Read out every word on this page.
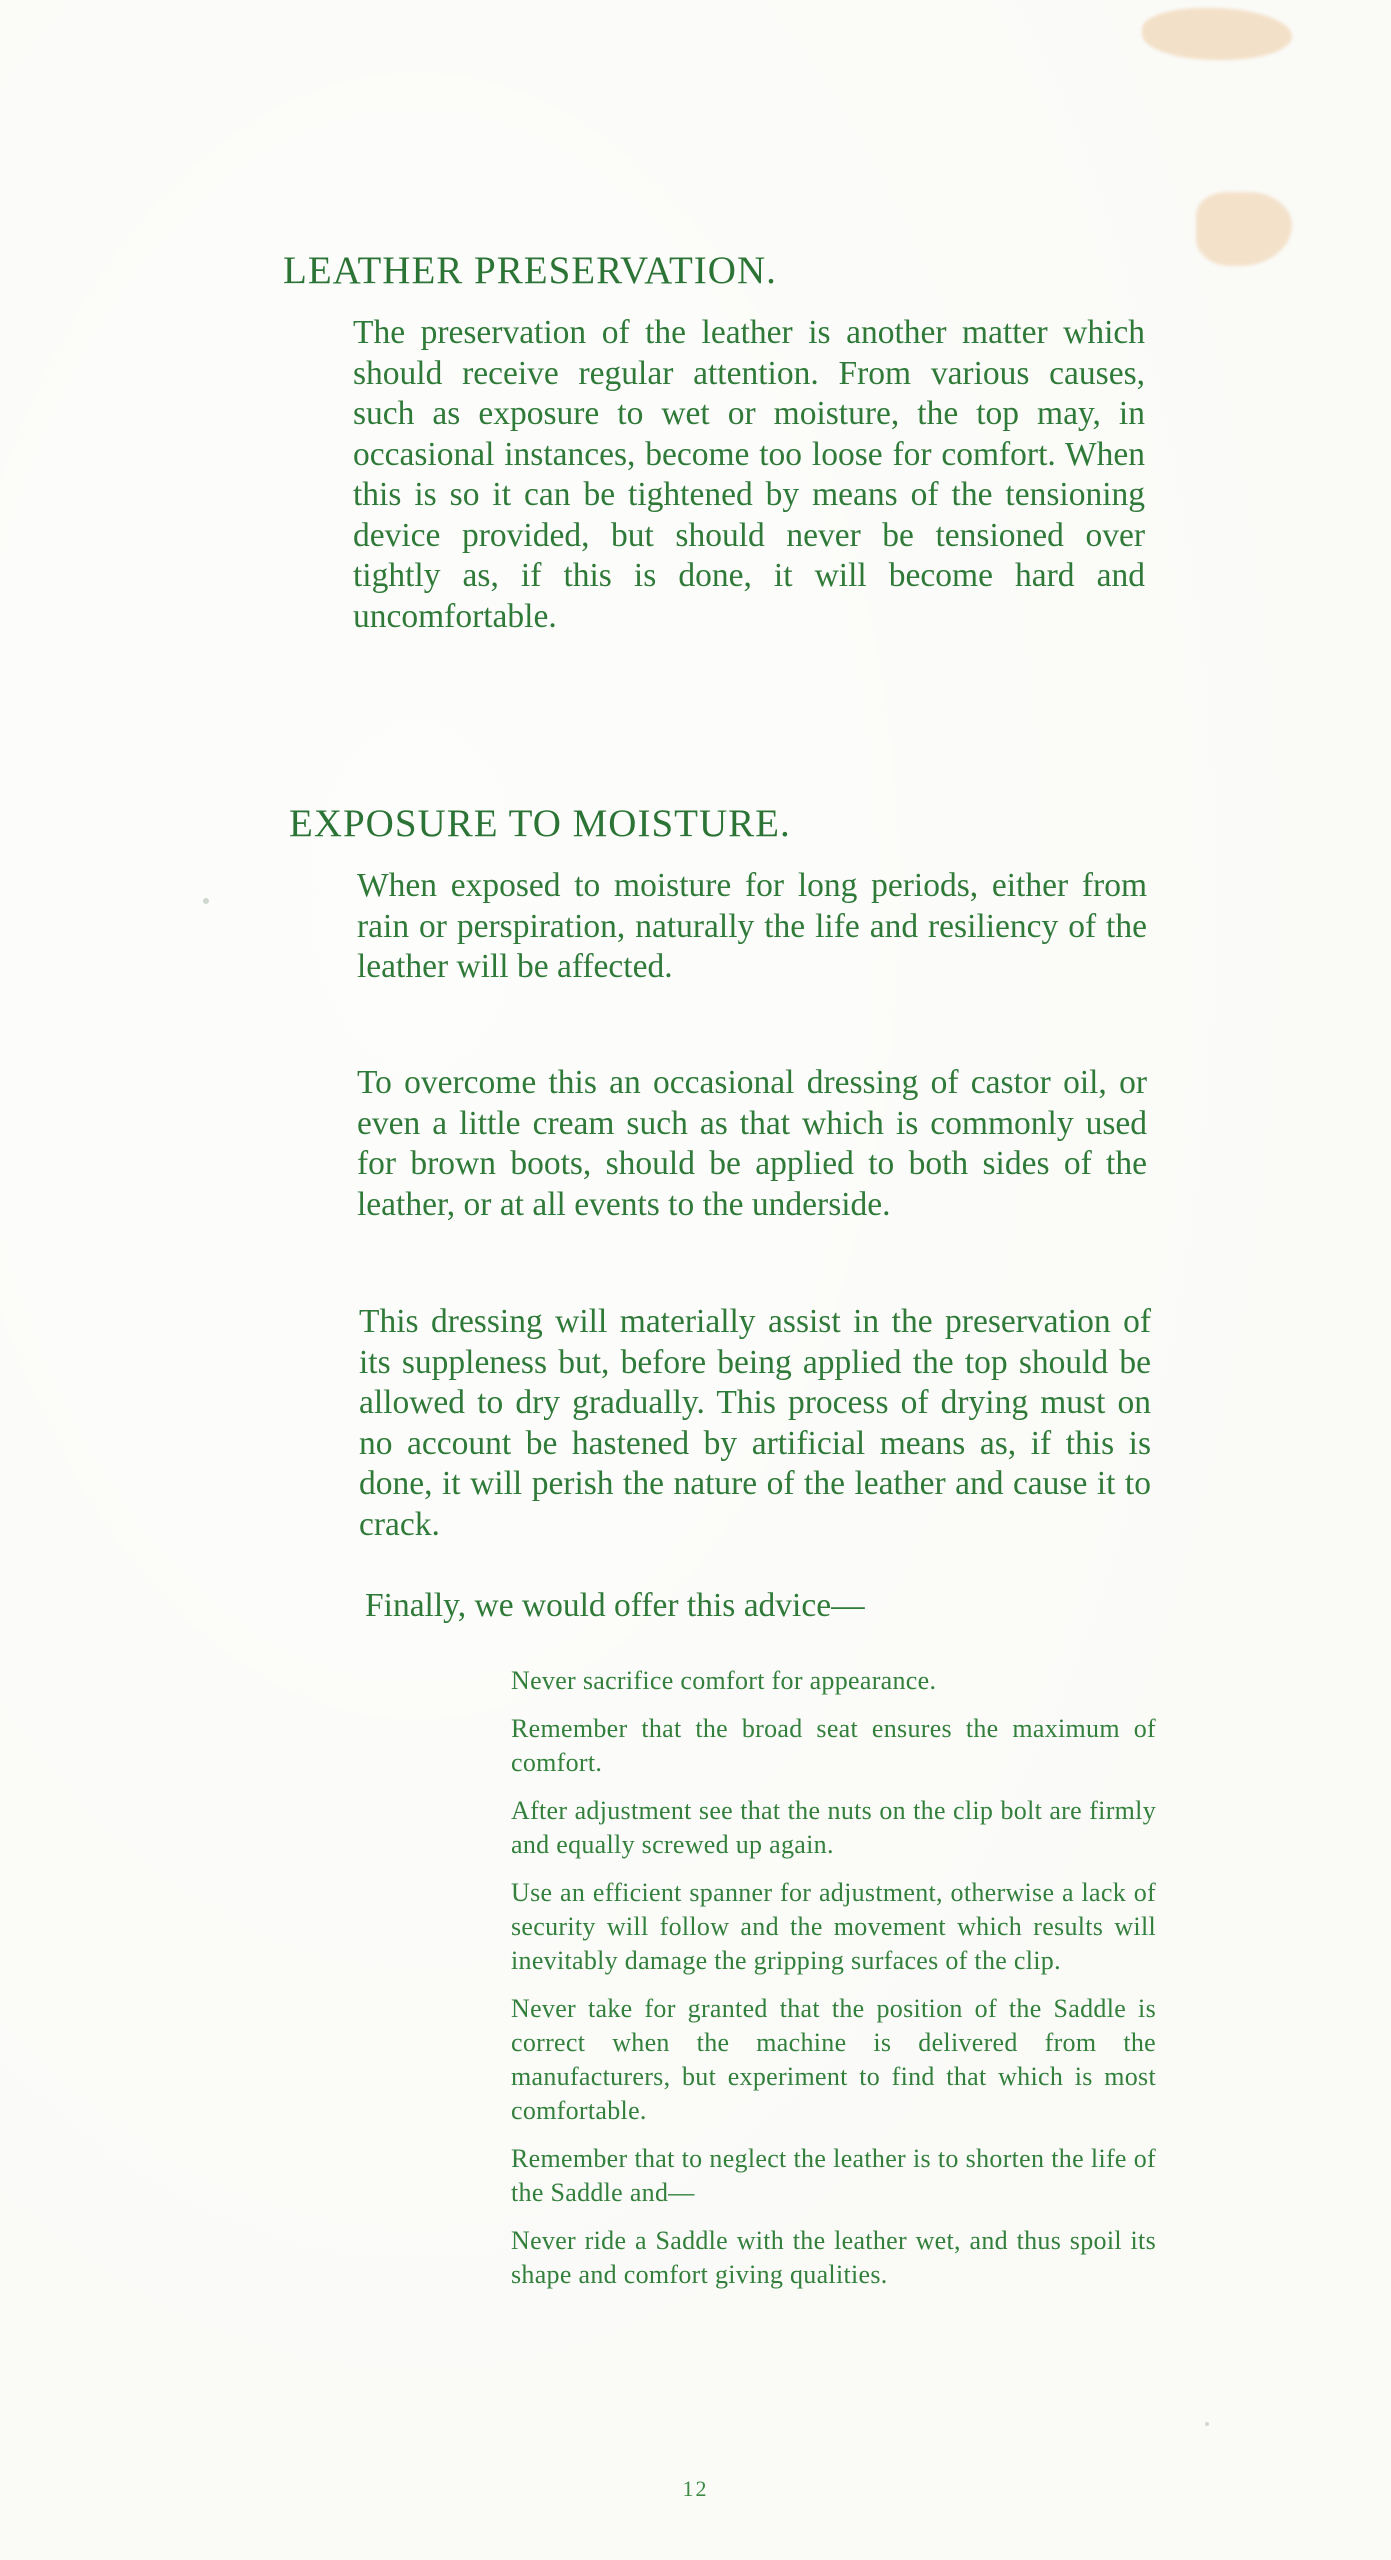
LEATHER PRESERVATION.

The preservation of the leather is another matter which should receive regular attention. From various causes, such as exposure to wet or moisture, the top may, in occasional instances, become too loose for comfort. When this is so it can be tightened by means of the tensioning device provided, but should never be tensioned over tightly as, if this is done, it will become hard and uncomfortable.

EXPOSURE TO MOISTURE.

When exposed to moisture for long periods, either from rain or perspiration, naturally the life and resiliency of the leather will be affected.

To overcome this an occasional dressing of castor oil, or even a little cream such as that which is commonly used for brown boots, should be applied to both sides of the leather, or at all events to the underside.

This dressing will materially assist in the preservation of its suppleness but, before being applied the top should be allowed to dry gradually. This process of drying must on no account be hastened by artificial means as, if this is done, it will perish the nature of the leather and cause it to crack.

Finally, we would offer this advice—

Never sacrifice comfort for appearance.
Remember that the broad seat ensures the maximum of comfort.
After adjustment see that the nuts on the clip bolt are firmly and equally screwed up again.
Use an efficient spanner for adjustment, otherwise a lack of security will follow and the movement which results will inevitably damage the gripping surfaces of the clip.
Never take for granted that the position of the Saddle is correct when the machine is delivered from the manufacturers, but experiment to find that which is most comfortable.
Remember that to neglect the leather is to shorten the life of the Saddle and—
Never ride a Saddle with the leather wet, and thus spoil its shape and comfort giving qualities.
12
